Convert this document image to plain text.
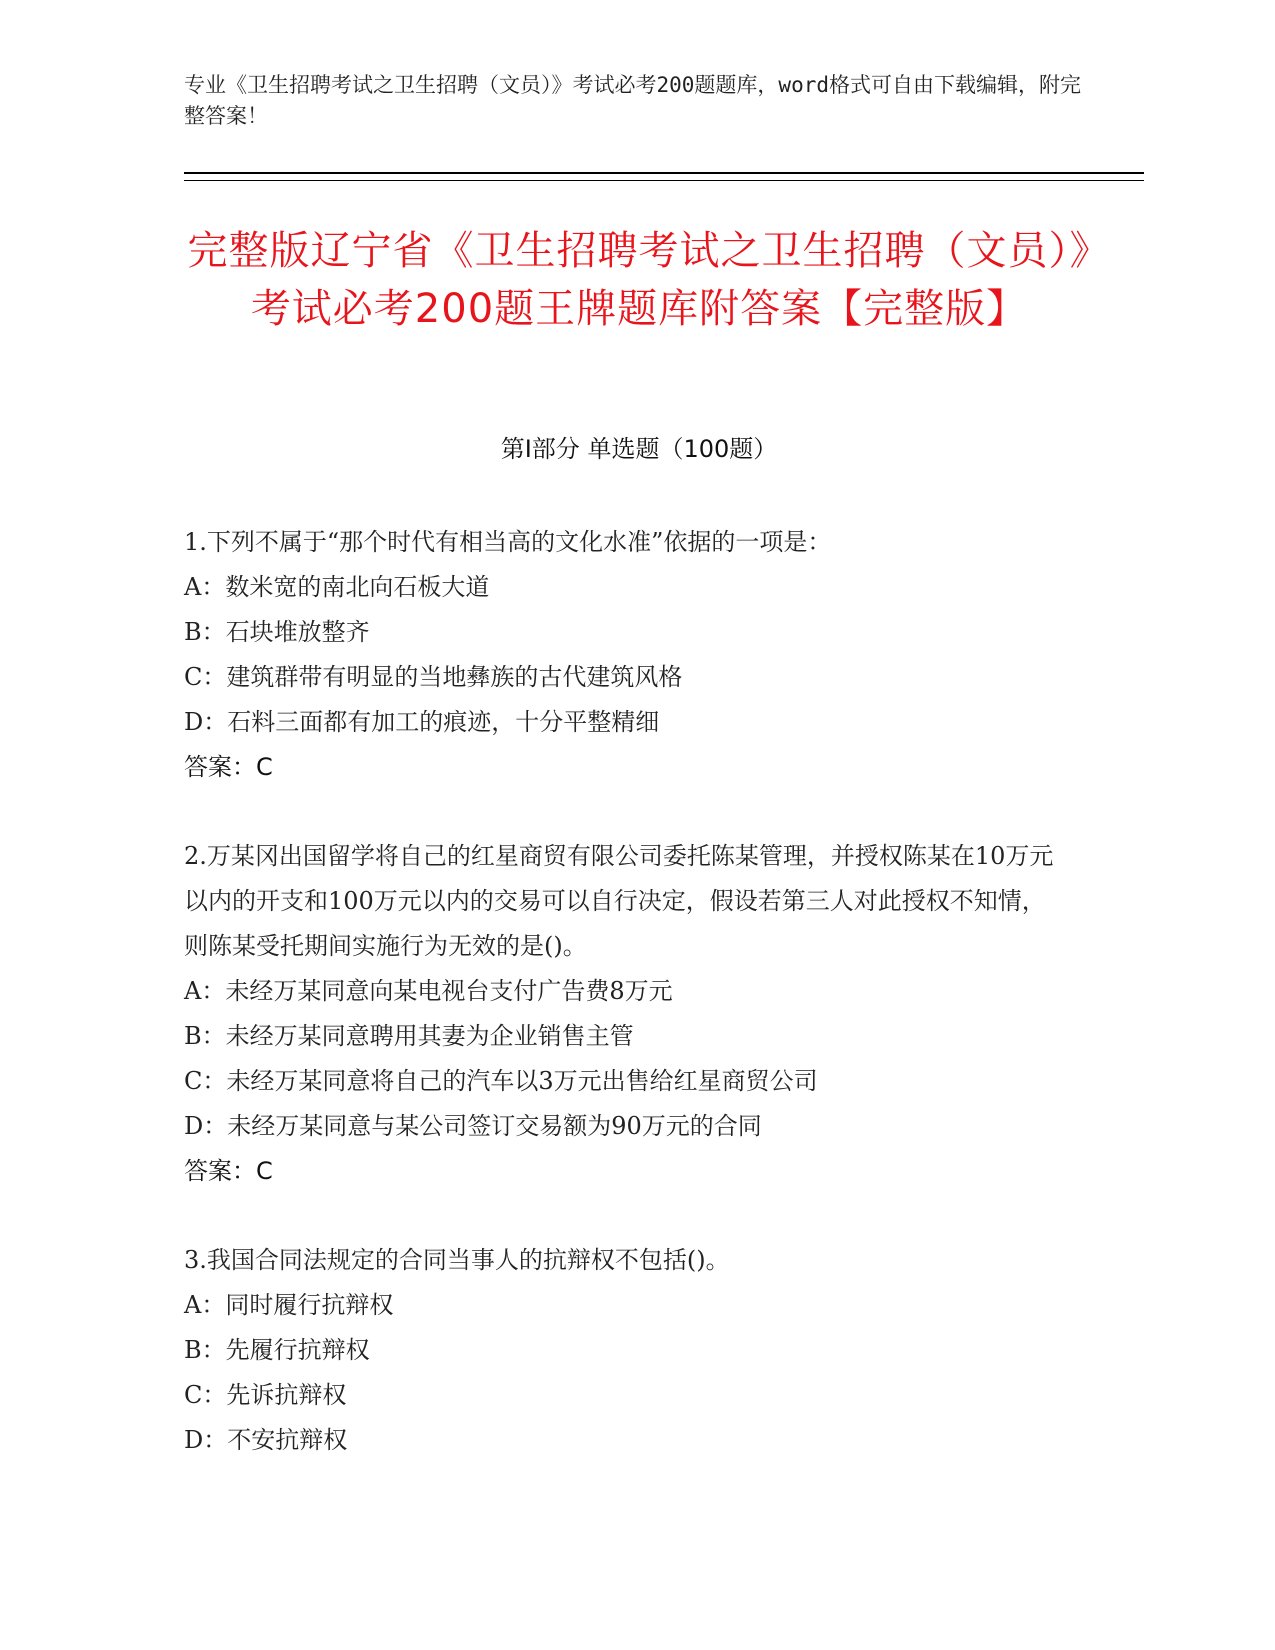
专业《卫生招聘考试之卫生招聘（文员）》考试必考200题题库，word格式可自由下载编辑，附完整答案！
完整版辽宁省《卫生招聘考试之卫生招聘（文员）》考试必考200题王牌题库附答案【完整版】
第I部分 单选题（100题）
1.下列不属于“那个时代有相当高的文化水准”依据的一项是：
A：数米宽的南北向石板大道
B：石块堆放整齐
C：建筑群带有明显的当地彝族的古代建筑风格
D：石料三面都有加工的痕迹，十分平整精细
答案：C
2.万某冈出国留学将自己的红星商贸有限公司委托陈某管理，并授权陈某在10万元以内的开支和100万元以内的交易可以自行决定，假设若第三人对此授权不知情，则陈某受托期间实施行为无效的是()。
A：未经万某同意向某电视台支付广告费8万元
B：未经万某同意聘用其妻为企业销售主管
C：未经万某同意将自己的汽车以3万元出售给红星商贸公司
D：未经万某同意与某公司签订交易额为90万元的合同
答案：C
3.我国合同法规定的合同当事人的抗辩权不包括()。
A：同时履行抗辩权
B：先履行抗辩权
C：先诉抗辩权
D：不安抗辩权
